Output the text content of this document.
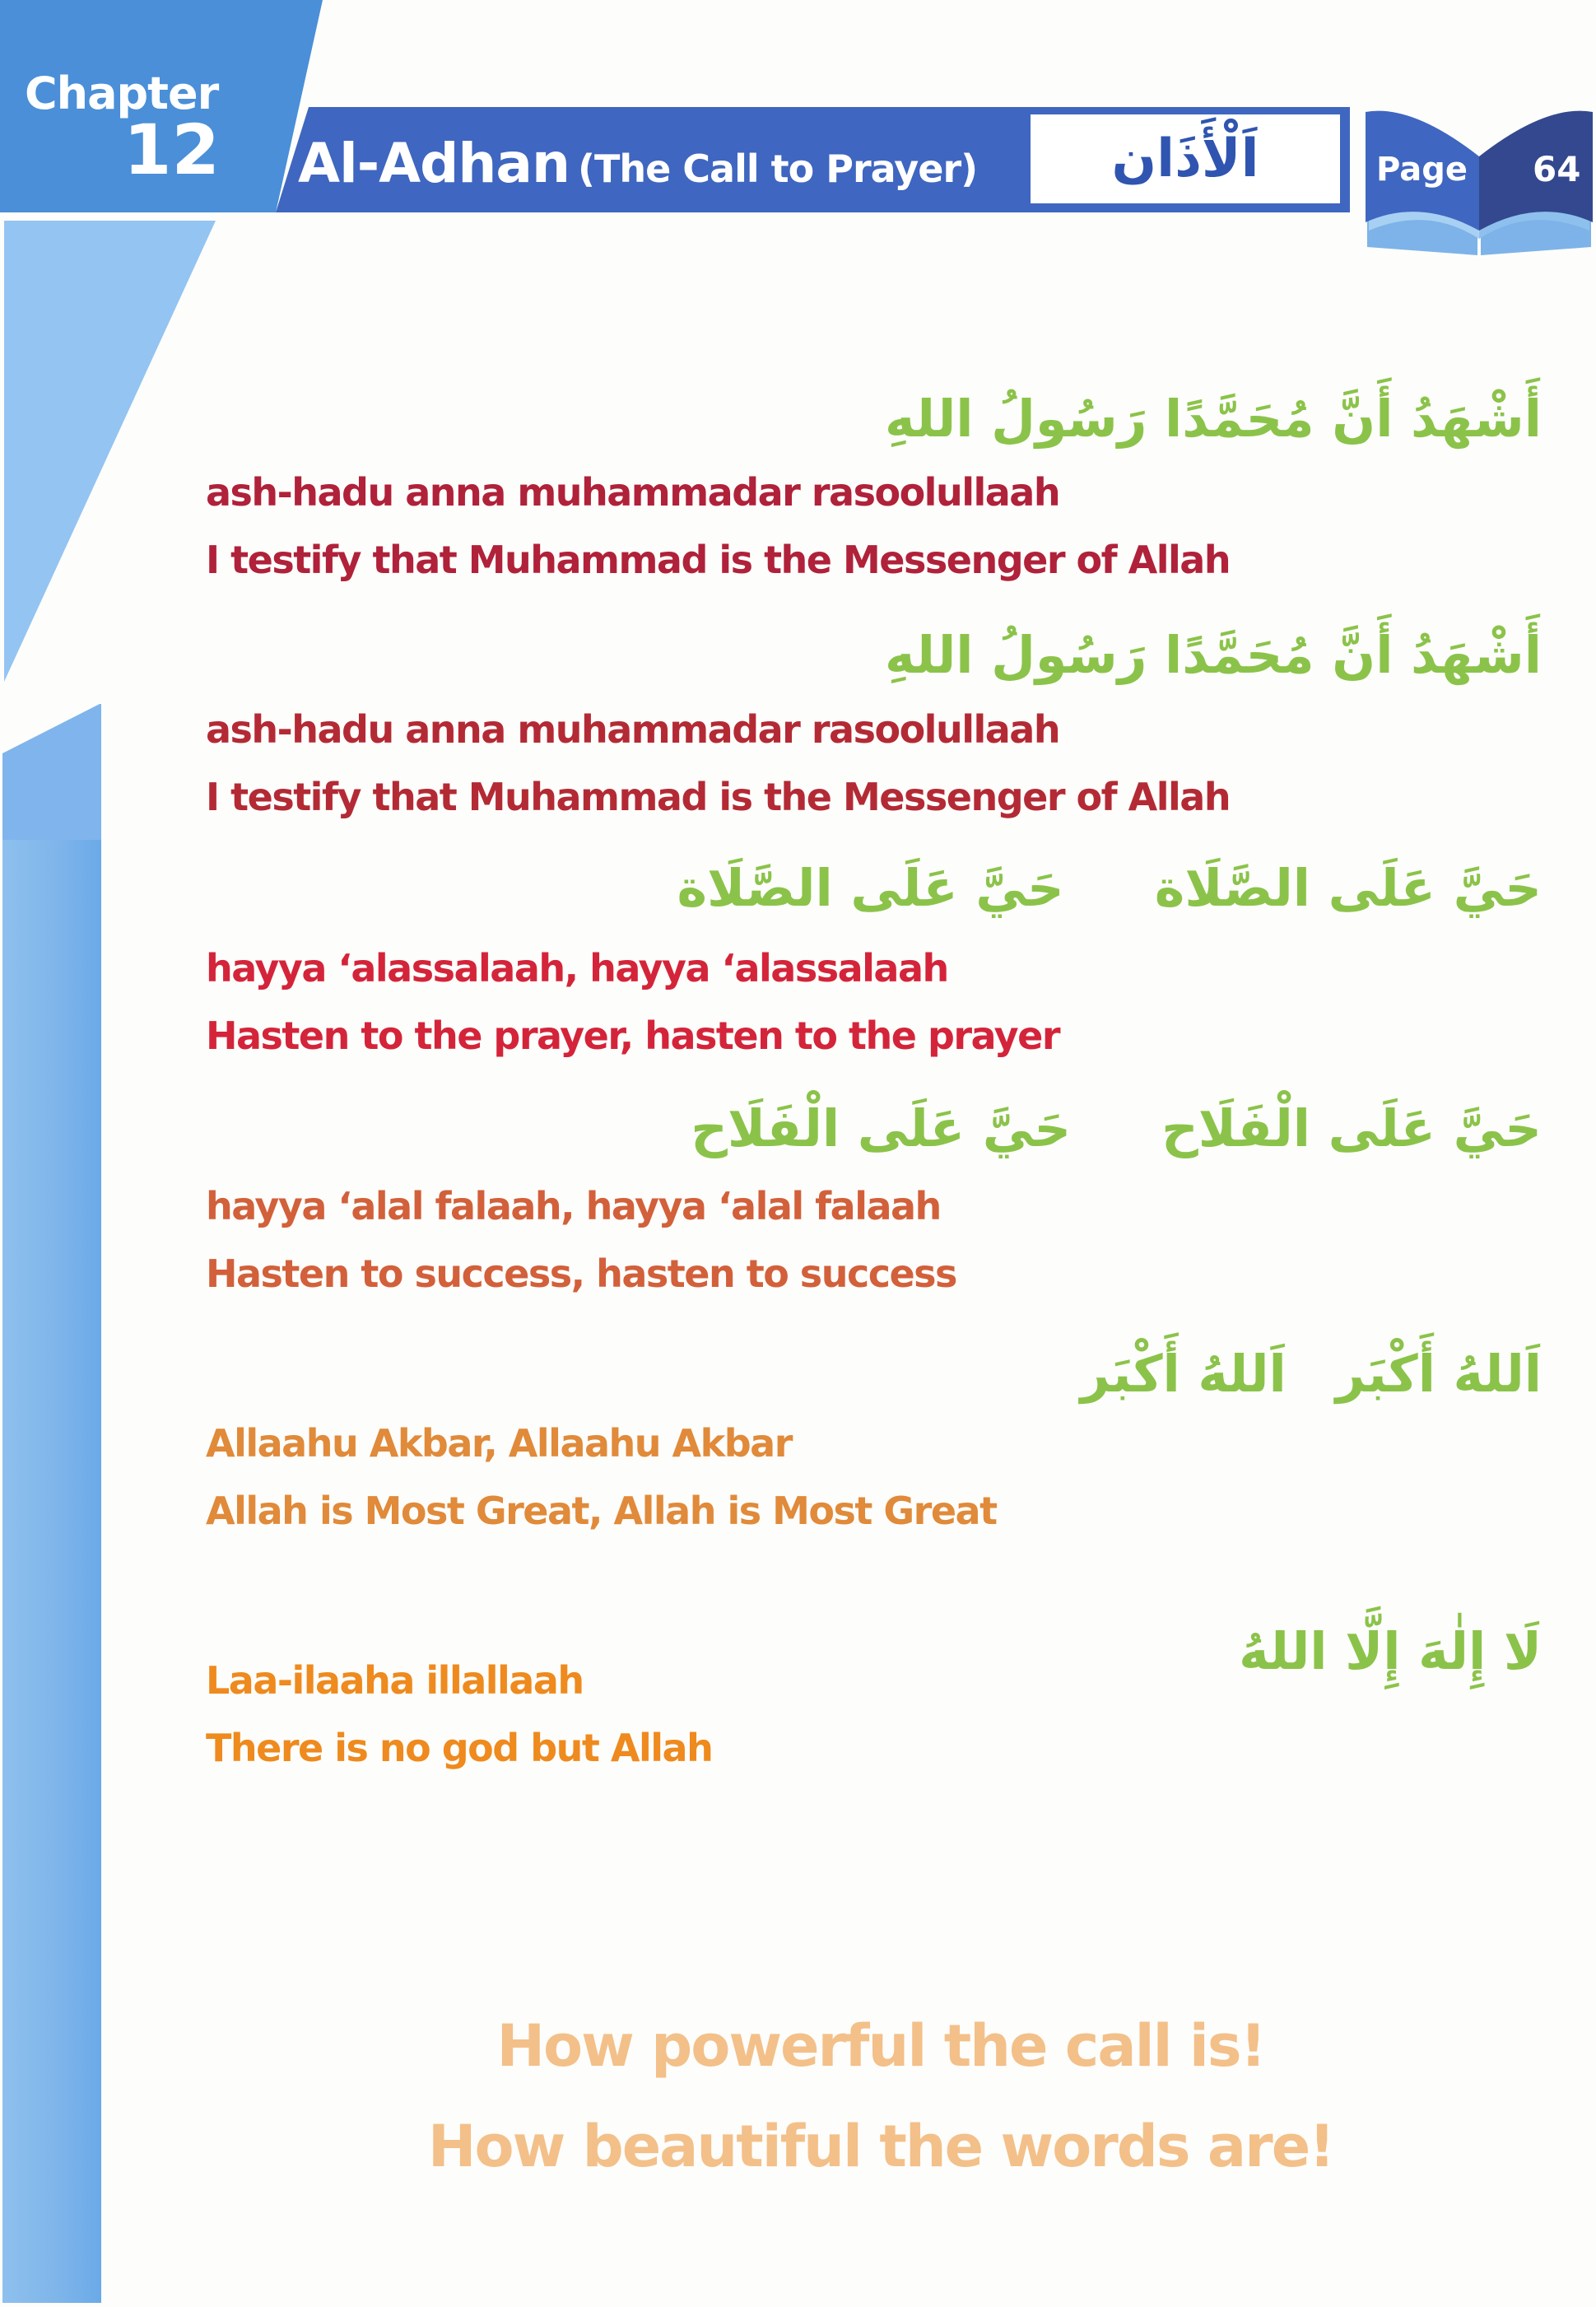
Chapter
12 Al-Adhan (The Call to Prayer)	اَلْأَذَان	Page 64
أَشْهَدُ أَنَّ مُحَمَّدًا رَسُولُ اللهِ
ash-hadu anna muhammadar rasoolullaah
I testify that Muhammad is the Messenger of Allah
أَشْهَدُ أَنَّ مُحَمَّدًا رَسُولُ اللهِ
ash-hadu anna muhammadar rasoolullaah
I testify that Muhammad is the Messenger of Allah
حَيَّ عَلَى الصَّلَاةحَيَّ عَلَى الصَّلَاة
hayya ‘alassalaah, hayya ‘alassalaah
Hasten to the prayer, hasten to the prayer
حَيَّ عَلَى الْفَلَاححَيَّ عَلَى الْفَلَاح
hayya ‘alal falaah, hayya ‘alal falaah
Hasten to success, hasten to success
اَللهُ أَكْبَراَللهُ أَكْبَر
Allaahu Akbar, Allaahu Akbar
Allah is Most Great, Allah is Most Great
لَا إِلٰهَ إِلَّا اللهُ
Laa-ilaaha illallaah
There is no god but Allah
How powerful the call is!
How beautiful the words are!
